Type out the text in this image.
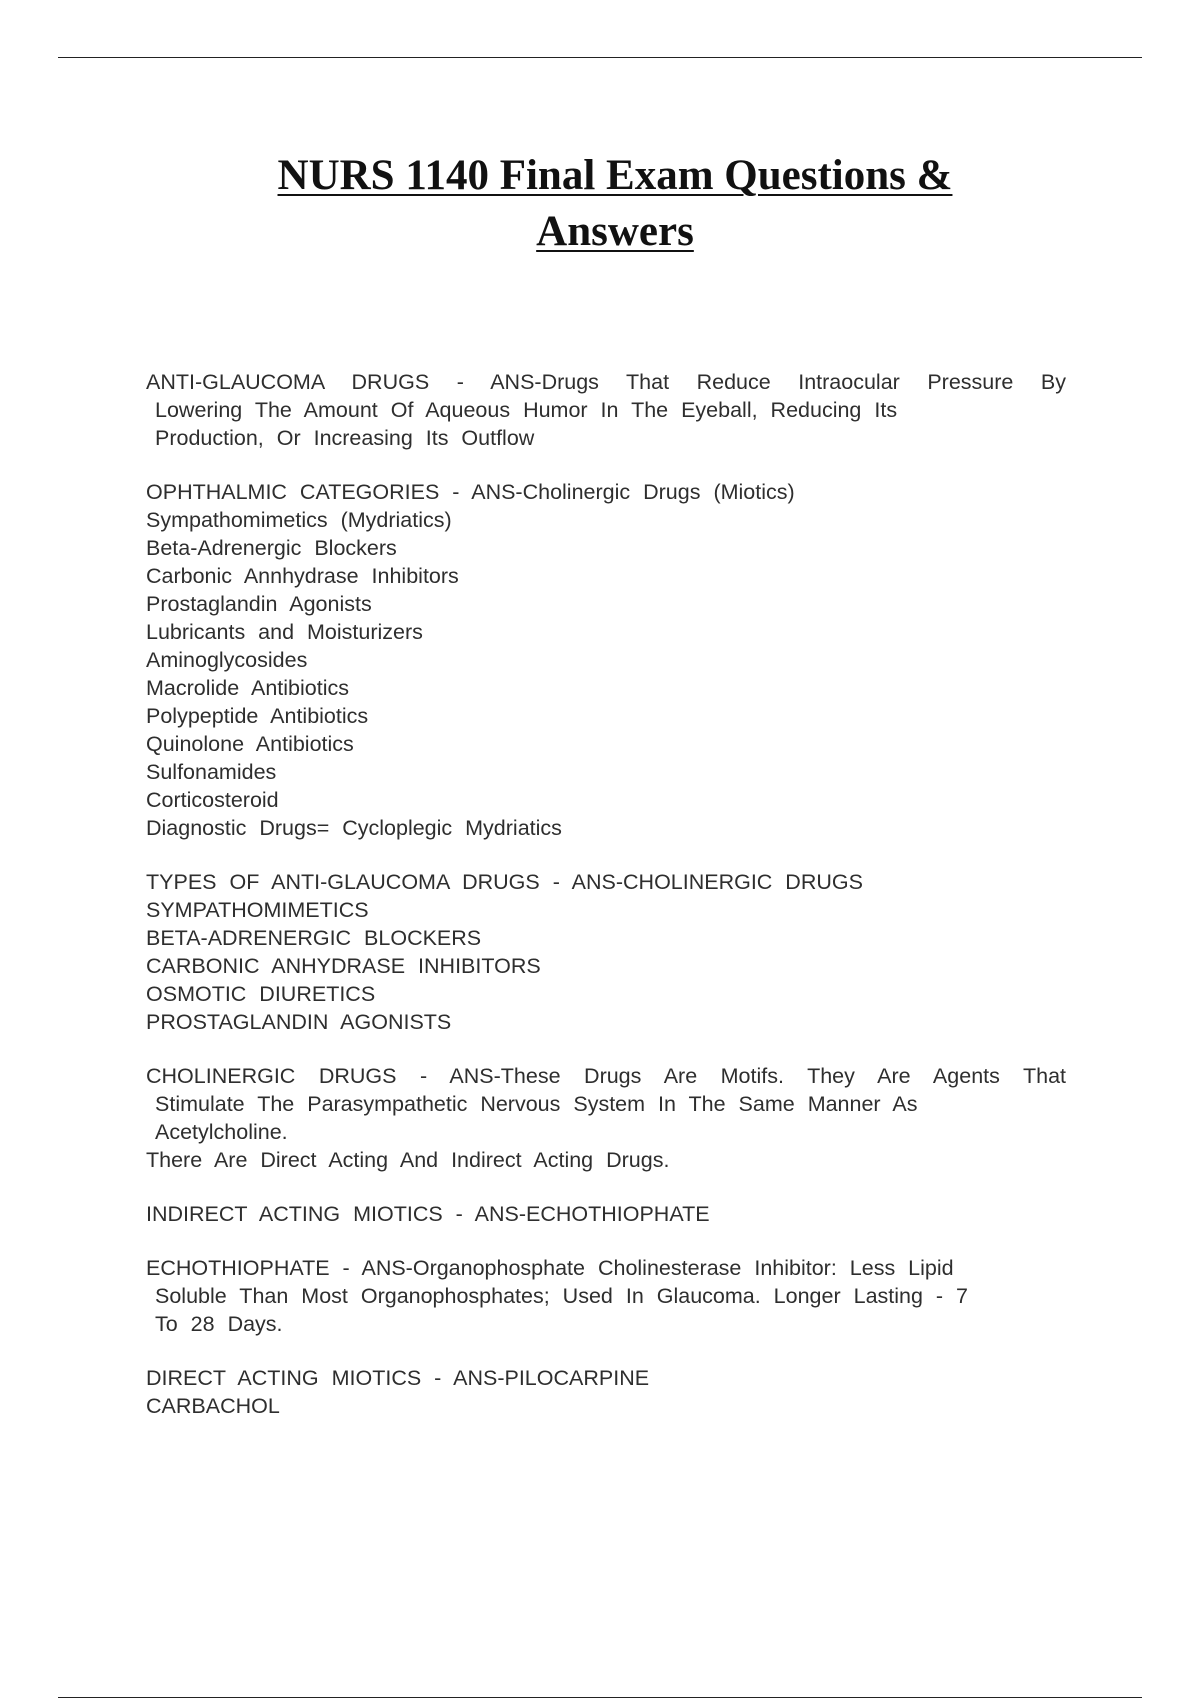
NURS 1140 Final Exam Questions &
Answers
ANTI-GLAUCOMA DRUGS - ANS-Drugs That Reduce Intraocular Pressure By
Lowering The Amount Of Aqueous Humor In The Eyeball, Reducing Its
Production, Or Increasing Its Outflow
OPHTHALMIC CATEGORIES - ANS-Cholinergic Drugs (Miotics)
Sympathomimetics (Mydriatics)
Beta-Adrenergic Blockers
Carbonic Annhydrase Inhibitors
Prostaglandin Agonists
Lubricants and Moisturizers
Aminoglycosides
Macrolide Antibiotics
Polypeptide Antibiotics
Quinolone Antibiotics
Sulfonamides
Corticosteroid
Diagnostic Drugs= Cycloplegic Mydriatics
TYPES OF ANTI-GLAUCOMA DRUGS - ANS-CHOLINERGIC DRUGS
SYMPATHOMIMETICS
BETA-ADRENERGIC BLOCKERS
CARBONIC ANHYDRASE INHIBITORS
OSMOTIC DIURETICS
PROSTAGLANDIN AGONISTS
CHOLINERGIC DRUGS - ANS-These Drugs Are Motifs. They Are Agents That
Stimulate The Parasympathetic Nervous System In The Same Manner As
Acetylcholine.
There Are Direct Acting And Indirect Acting Drugs.
INDIRECT ACTING MIOTICS - ANS-ECHOTHIOPHATE
ECHOTHIOPHATE - ANS-Organophosphate Cholinesterase Inhibitor: Less Lipid
Soluble Than Most Organophosphates; Used In Glaucoma. Longer Lasting - 7
To 28 Days.
DIRECT ACTING MIOTICS - ANS-PILOCARPINE
CARBACHOL
